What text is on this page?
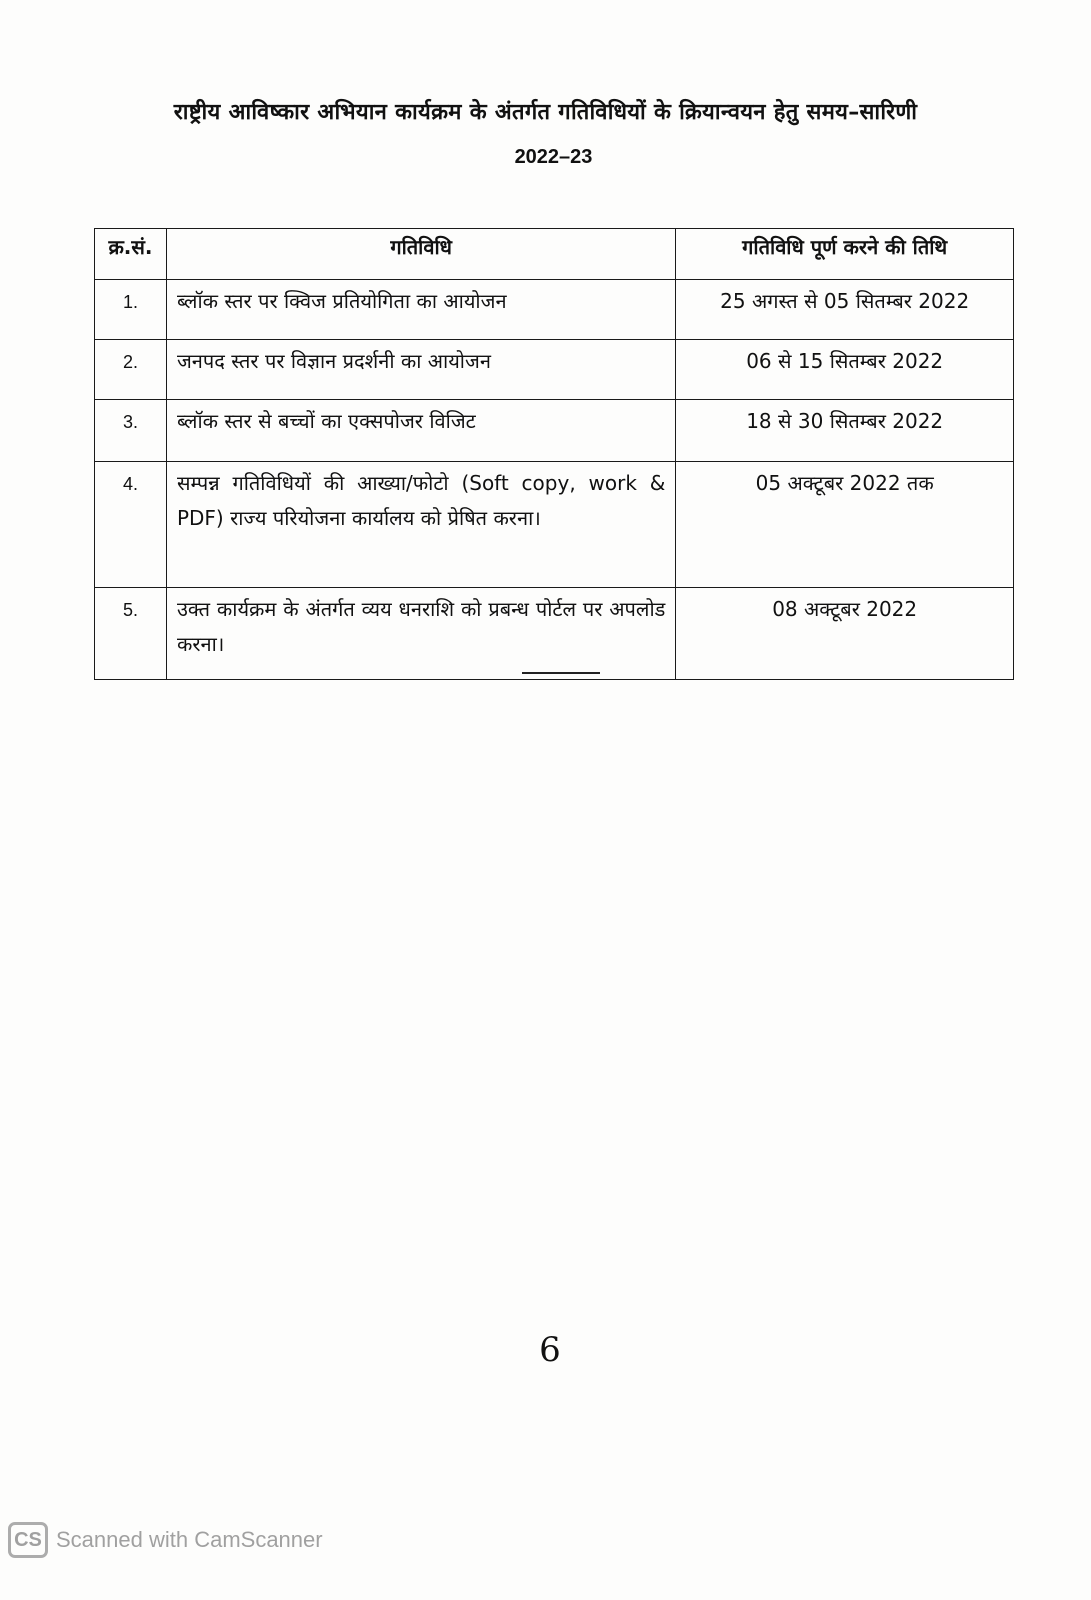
राष्ट्रीय आविष्कार अभियान कार्यक्रम के अंतर्गत गतिविधियों के क्रियान्वयन हेतु समय–सारिणी
2022–23
क्र.सं.	गतिविधि	गतिविधि पूर्ण करने की तिथि
1.	ब्लॉक स्तर पर क्विज प्रतियोगिता का आयोजन	25 अगस्त से 05 सितम्बर 2022
2.	जनपद स्तर पर विज्ञान प्रदर्शनी का आयोजन	06 से 15 सितम्बर 2022
3.	ब्लॉक स्तर से बच्चों का एक्सपोजर विजिट	18 से 30 सितम्बर 2022
4.	सम्पन्न गतिविधियों की आख्या/फोटो (Soft copy, work & PDF) राज्य परियोजना कार्यालय को प्रेषित करना।	05 अक्टूबर 2022 तक
5.	उक्त कार्यक्रम के अंतर्गत व्यय धनराशि को प्रबन्ध पोर्टल पर अपलोड करना।	08 अक्टूबर 2022
6
CS Scanned with CamScanner
